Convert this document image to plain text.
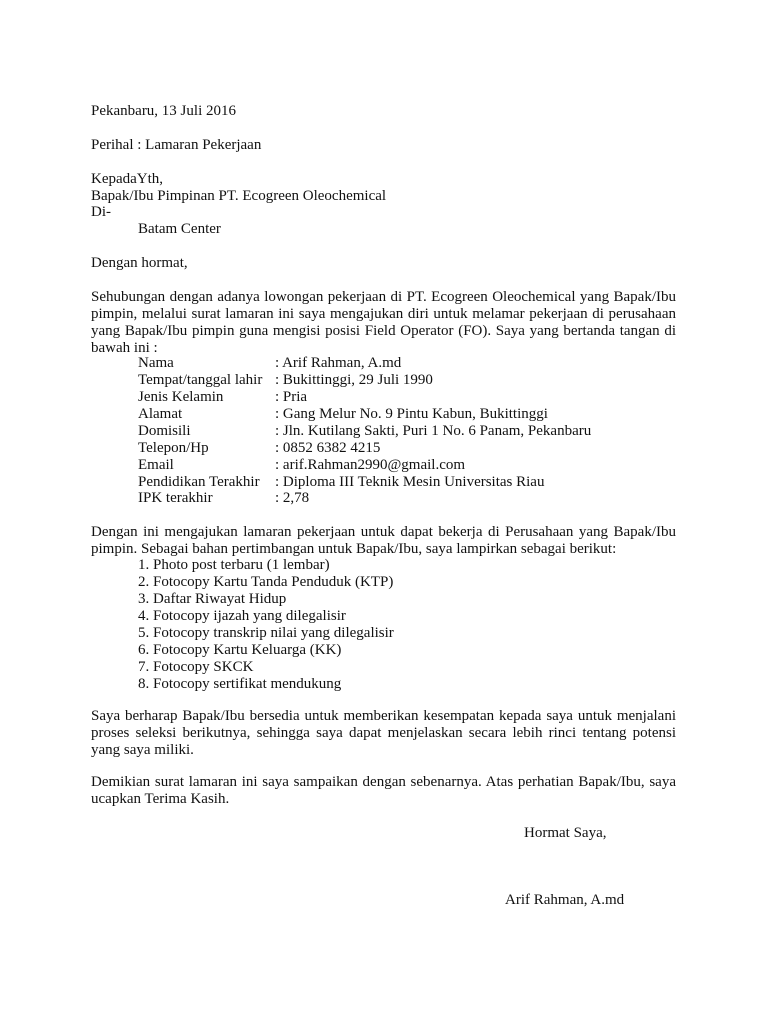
Pekanbaru, 13 Juli 2016
Perihal : Lamaran Pekerjaan
KepadaYth,
Bapak/Ibu Pimpinan PT. Ecogreen Oleochemical
Di-
Batam Center
Dengan hormat,
Sehubungan dengan adanya lowongan pekerjaan di PT. Ecogreen Oleochemical yang Bapak/Ibu pimpin, melalui surat lamaran ini saya mengajukan diri untuk melamar pekerjaan di perusahaan yang Bapak/Ibu pimpin guna mengisi posisi Field Operator (FO). Saya yang bertanda tangan di bawah ini :
Nama	: Arif Rahman, A.md
Tempat/tanggal lahir : Bukittinggi, 29 Juli 1990
Jenis Kelamin	: Pria
Alamat	: Gang Melur No. 9 Pintu Kabun, Bukittinggi
Domisili	: Jln. Kutilang Sakti, Puri 1 No. 6 Panam, Pekanbaru
Telepon/Hp	: 0852 6382 4215
Email	: arif.Rahman2990@gmail.com
Pendidikan Terakhir : Diploma III Teknik Mesin Universitas Riau
IPK terakhir	: 2,78
Dengan ini mengajukan lamaran pekerjaan untuk dapat bekerja di Perusahaan yang Bapak/Ibu pimpin. Sebagai bahan pertimbangan untuk Bapak/Ibu, saya lampirkan sebagai berikut:
1. Photo post terbaru (1 lembar)
2. Fotocopy Kartu Tanda Penduduk (KTP)
3. Daftar Riwayat Hidup
4. Fotocopy ijazah yang dilegalisir
5. Fotocopy transkrip nilai yang dilegalisir
6. Fotocopy Kartu Keluarga (KK)
7. Fotocopy SKCK
8. Fotocopy sertifikat mendukung
Saya berharap Bapak/Ibu bersedia untuk memberikan kesempatan kepada saya untuk menjalani proses seleksi berikutnya, sehingga saya dapat menjelaskan secara lebih rinci tentang potensi yang saya miliki.
Demikian surat lamaran ini saya sampaikan dengan sebenarnya. Atas perhatian Bapak/Ibu, saya ucapkan Terima Kasih.
Hormat Saya,
Arif Rahman, A.md
